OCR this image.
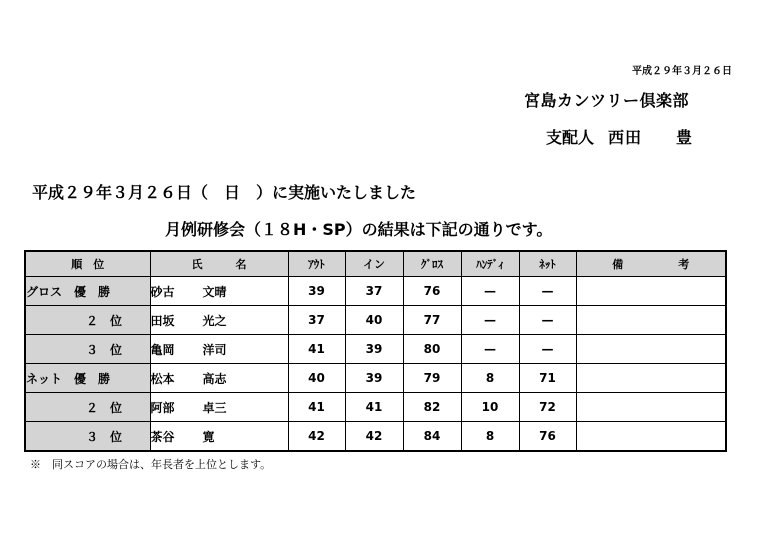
平成２９年３月２６日
宮島カンツリー倶楽部
支配人 西田　　豊
平成２９年３月２６日（　日　）に実施いたしました
月例研修会（１８H・SP）の結果は下記の通りです。
順　位	氏　　　名	ｱｳﾄ	イン	ｸﾞﾛｽ	ﾊﾝﾃﾞｨ	ﾈｯﾄ	備　　　　　考
グロス　優　勝	砂古 文晴	39	37	76	—	—	
２　位	田坂 光之	37	40	77	—	—	
３　位	亀岡 洋司	41	39	80	—	—	
ネット　優　勝	松本 高志	40	39	79	8	71	
２　位	阿部 卓三	41	41	82	10	72	
３　位	茶谷 寛	42	42	84	8	76	
※　同スコアの場合は、年長者を上位とします。
